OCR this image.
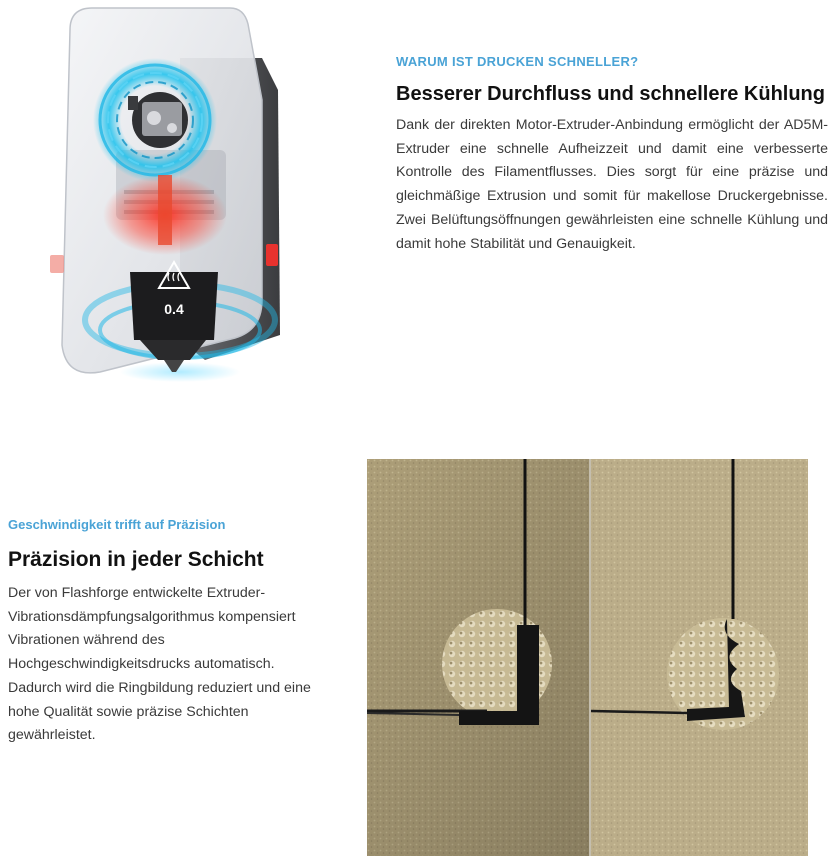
0.4
WARUM IST DRUCKEN SCHNELLER?
Besserer Durchfluss und schnellere Kühlung
Dank der direkten Motor-Extruder-Anbindung ermöglicht der AD5M-Extruder eine schnelle Aufheizzeit und damit eine verbesserte Kontrolle des Filamentflusses. Dies sorgt für eine präzise und gleichmäßige Extrusion und somit für makellose Druckergebnisse. Zwei Belüftungsöffnungen gewährleisten eine schnelle Kühlung und damit hohe Stabilität und Genauigkeit.
Geschwindigkeit trifft auf Präzision
Präzision in jeder Schicht
Der von Flashforge entwickelte Extruder-Vibrationsdämpfungsalgorithmus kompensiert Vibrationen während des Hochgeschwindigkeitsdrucks automatisch. Dadurch wird die Ringbildung reduziert und eine hohe Qualität sowie präzise Schichten gewährleistet.
